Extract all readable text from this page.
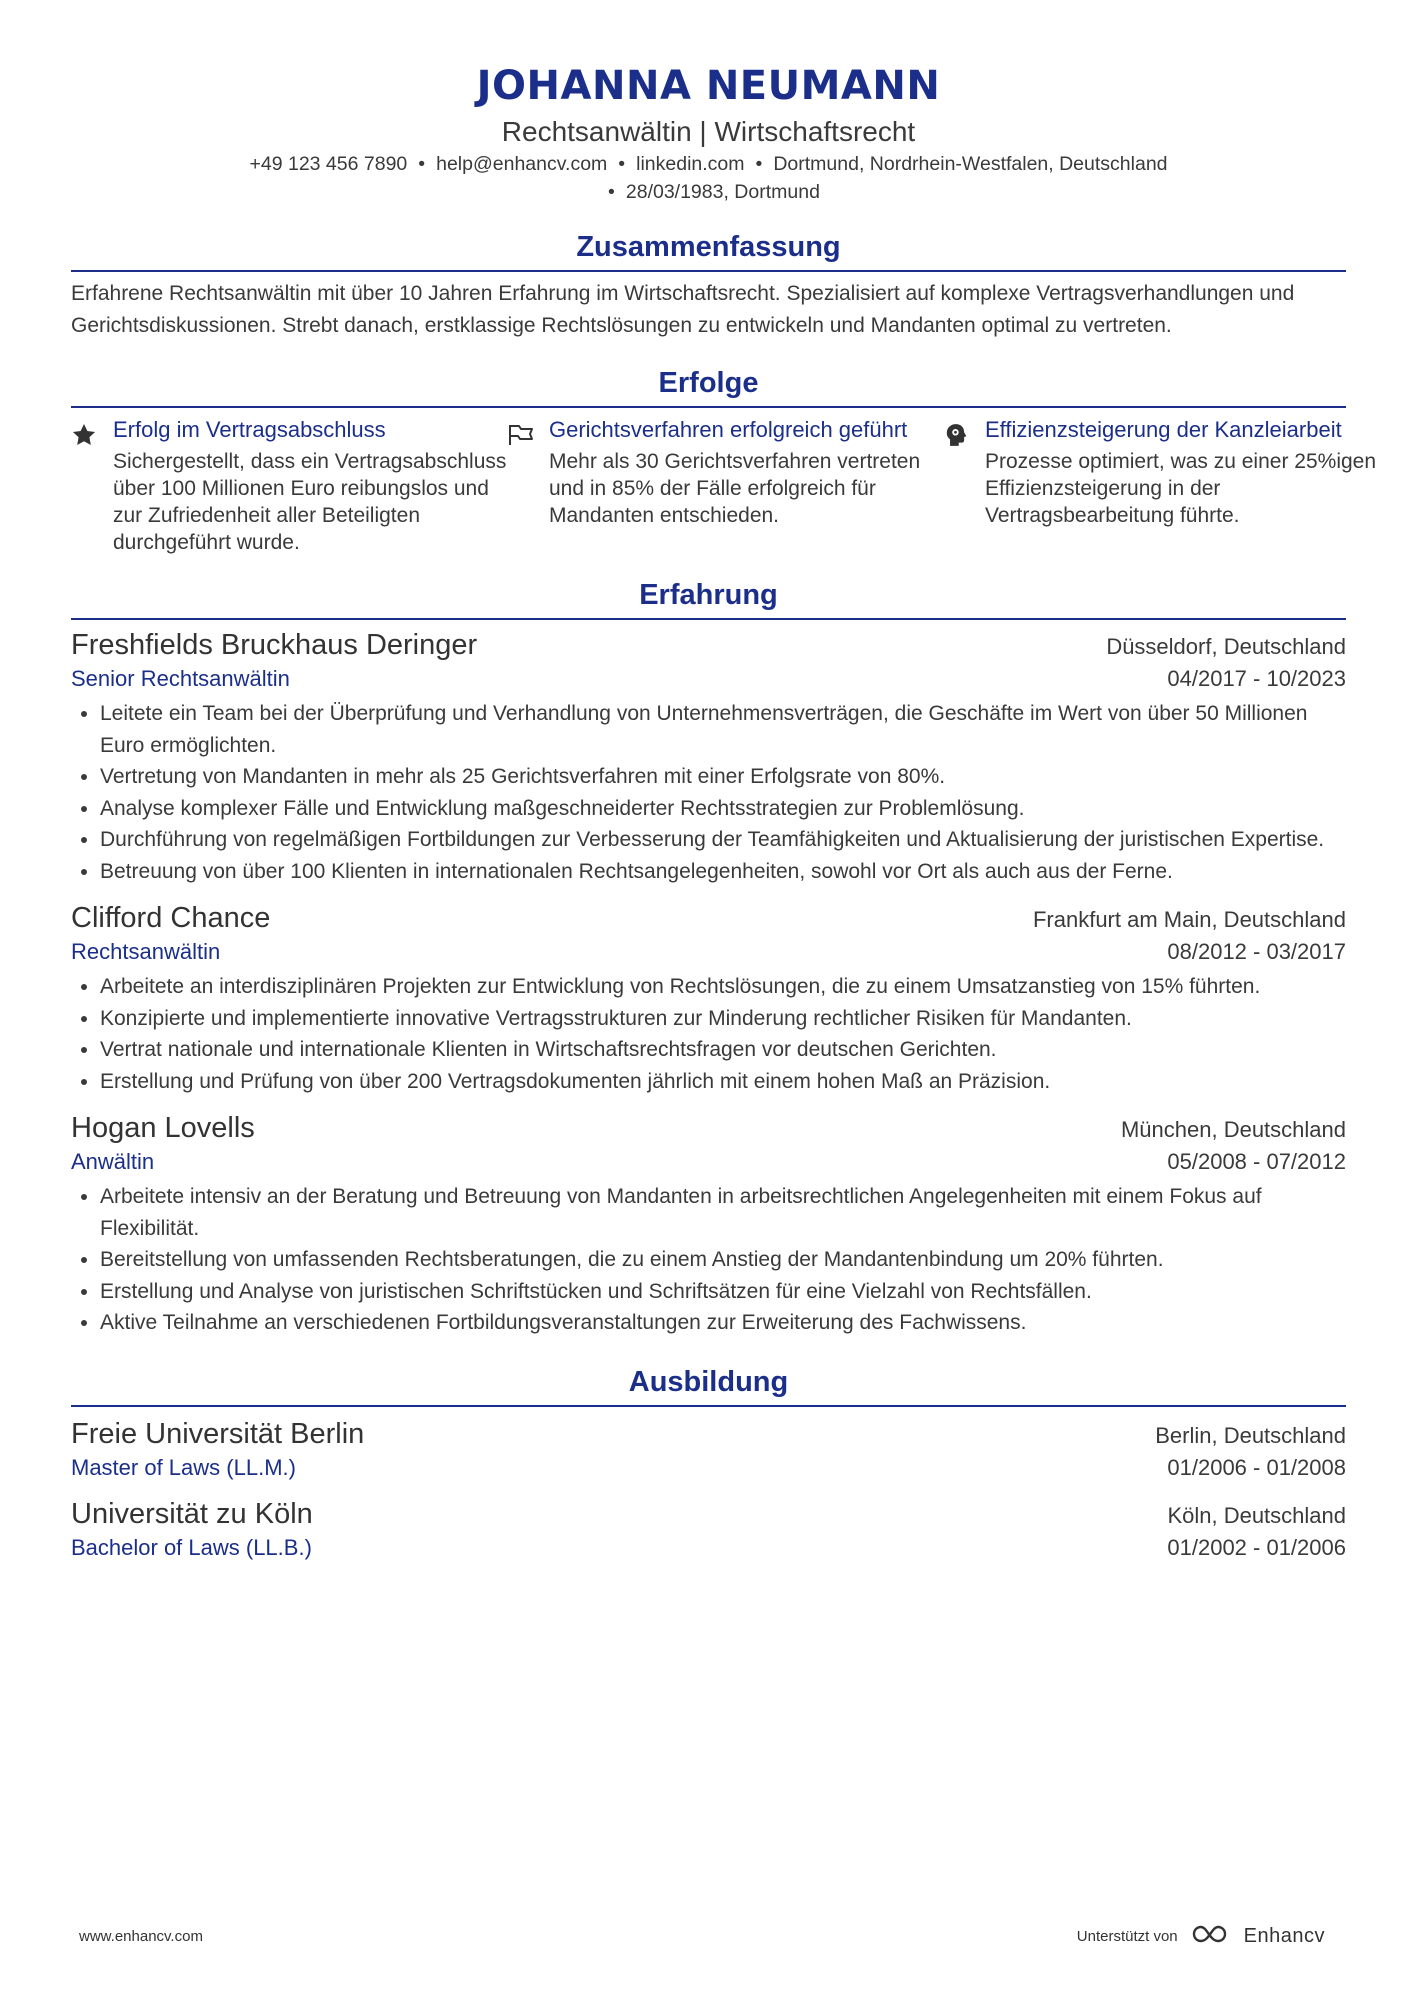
JOHANNA NEUMANN
Rechtsanwältin | Wirtschaftsrecht
+49 123 456 7890 • help@enhancv.com • linkedin.com • Dortmund, Nordrhein-Westfalen, Deutschland
• 28/03/1983, Dortmund
Zusammenfassung
Erfahrene Rechtsanwältin mit über 10 Jahren Erfahrung im Wirtschaftsrecht. Spezialisiert auf komplexe Vertragsverhandlungen und Gerichtsdiskussionen. Strebt danach, erstklassige Rechtslösungen zu entwickeln und Mandanten optimal zu vertreten.
Erfolge
Erfolg im Vertragsabschluss
Sichergestellt, dass ein Vertragsabschluss über 100 Millionen Euro reibungslos und zur Zufriedenheit aller Beteiligten durchgeführt wurde.
Gerichtsverfahren erfolgreich geführt
Mehr als 30 Gerichtsverfahren vertreten und in 85% der Fälle erfolgreich für Mandanten entschieden.
Effizienzsteigerung der Kanzleiarbeit
Prozesse optimiert, was zu einer 25%igen Effizienzsteigerung in der Vertragsbearbeitung führte.
Erfahrung
Freshfields Bruckhaus Deringer	Düsseldorf, Deutschland
Senior Rechtsanwältin	04/2017 - 10/2023
• Leitete ein Team bei der Überprüfung und Verhandlung von Unternehmensverträgen, die Geschäfte im Wert von über 50 Millionen Euro ermöglichten.
• Vertretung von Mandanten in mehr als 25 Gerichtsverfahren mit einer Erfolgsrate von 80%.
• Analyse komplexer Fälle und Entwicklung maßgeschneiderter Rechtsstrategien zur Problemlösung.
• Durchführung von regelmäßigen Fortbildungen zur Verbesserung der Teamfähigkeiten und Aktualisierung der juristischen Expertise.
• Betreuung von über 100 Klienten in internationalen Rechtsangelegenheiten, sowohl vor Ort als auch aus der Ferne.
Clifford Chance	Frankfurt am Main, Deutschland
Rechtsanwältin	08/2012 - 03/2017
• Arbeitete an interdisziplinären Projekten zur Entwicklung von Rechtslösungen, die zu einem Umsatzanstieg von 15% führten.
• Konzipierte und implementierte innovative Vertragsstrukturen zur Minderung rechtlicher Risiken für Mandanten.
• Vertrat nationale und internationale Klienten in Wirtschaftsrechtsfragen vor deutschen Gerichten.
• Erstellung und Prüfung von über 200 Vertragsdokumenten jährlich mit einem hohen Maß an Präzision.
Hogan Lovells	München, Deutschland
Anwältin	05/2008 - 07/2012
• Arbeitete intensiv an der Beratung und Betreuung von Mandanten in arbeitsrechtlichen Angelegenheiten mit einem Fokus auf Flexibilität.
• Bereitstellung von umfassenden Rechtsberatungen, die zu einem Anstieg der Mandantenbindung um 20% führten.
• Erstellung und Analyse von juristischen Schriftstücken und Schriftsätzen für eine Vielzahl von Rechtsfällen.
• Aktive Teilnahme an verschiedenen Fortbildungsveranstaltungen zur Erweiterung des Fachwissens.
Ausbildung
Freie Universität Berlin	Berlin, Deutschland
Master of Laws (LL.M.)	01/2006 - 01/2008
Universität zu Köln	Köln, Deutschland
Bachelor of Laws (LL.B.)	01/2002 - 01/2006
www.enhancv.com	Unterstützt von	Enhancv
